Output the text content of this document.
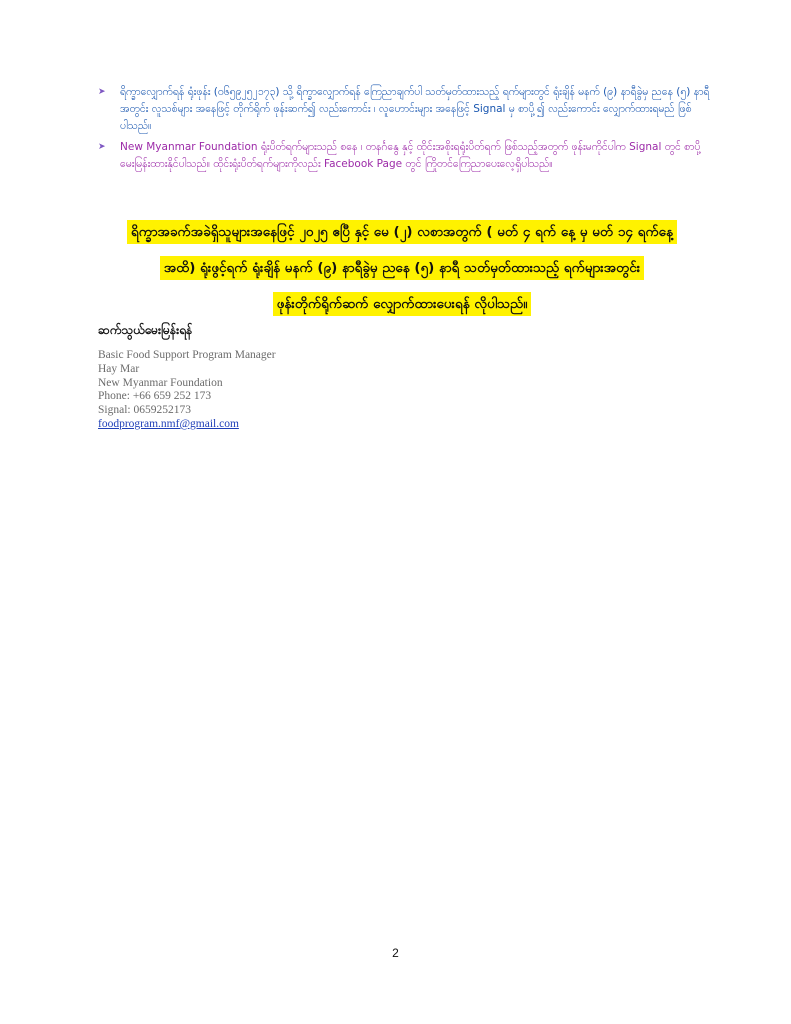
➤ ရိက္ခာလျှောက်ရန် ရုံးဖုန်း (၀၆၅၉၂၅၂၁၇၃) သို့ ရိက္ခာလျှောက်ရန် ကြေညာချက်ပါ သတ်မှတ်ထားသည့် ရက်များတွင် ရုံးချိန် မနက် (၉) နာရီခွဲမှ ညနေ (၅) နာရီအတွင်း လူသစ်များ အနေဖြင့် တိုက်ရိုက် ဖုန်းဆက်၍ လည်းကောင်း ၊ လူဟောင်းများ အနေဖြင့် Signal မှ စာပို့၍ လည်းကောင်း လျှောက်ထားရမည် ဖြစ်ပါသည်။
➤ New Myanmar Foundation ရုံးပိတ်ရက်များသည် စနေ ၊ တနင်္ဂနွေ နှင့် ထိုင်းအစိုးရရုံးပိတ်ရက် ဖြစ်သည့်အတွက် ဖုန်းမကိုင်ပါက Signal တွင် စာပို့မေးမြန်းထားနိုင်ပါသည်။ ထိုင်းရုံးပိတ်ရက်များကိုလည်း Facebook Page တွင် ကြိုတင်ကြေညာပေးလေ့ရှိပါသည်။
ရိက္ခာအခက်အခဲရှိသူများအနေဖြင့် ၂၀၂၅ ဧပြီ နှင့် မေ (၂) လစာအတွက် ( မတ် ၄ ရက် နေ့ မှ မတ် ၁၄ ရက်နေ့
အထိ) ရုံးဖွင့်ရက် ရုံးချိန် မနက် (၉) နာရီခွဲမှ ညနေ (၅) နာရီ သတ်မှတ်ထားသည့် ရက်များအတွင်း
ဖုန်းတိုက်ရိုက်ဆက် လျှောက်ထားပေးရန် လိုပါသည်။
ဆက်သွယ်မေးမြန်းရန်
Basic Food Support Program Manager
Hay Mar
New Myanmar Foundation
Phone: +66 659 252 173
Signal: 0659252173
foodprogram.nmf@gmail.com
2
